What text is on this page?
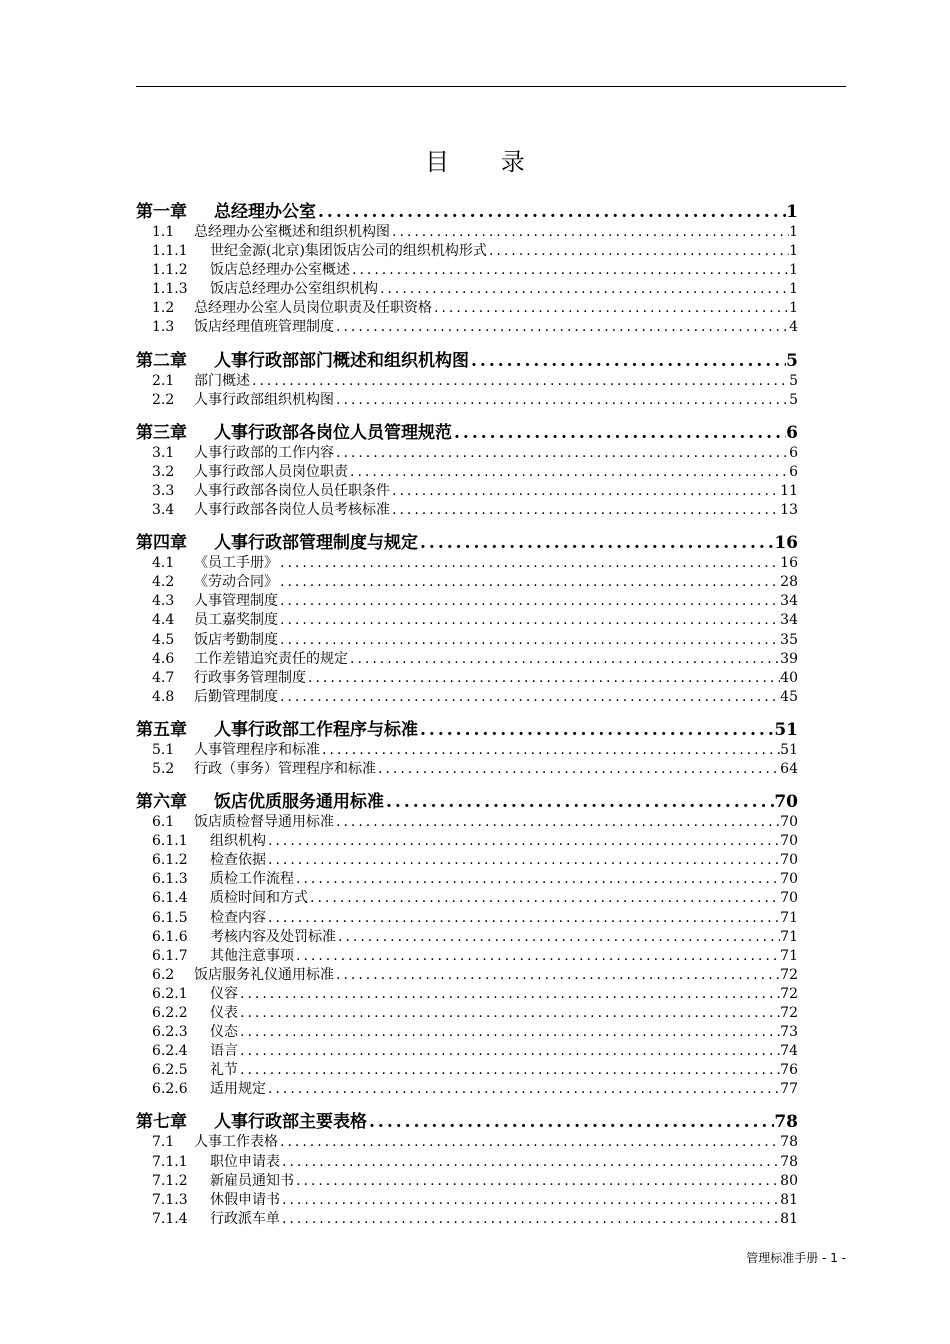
目 录
第一章	总经理办公室 .....	1
1.1	总经理办公室概述和组织机构图 .....	1
1.1.1	世纪金源(北京)集团饭店公司的组织机构形式 .....	1
1.1.2	饭店总经理办公室概述 .....	1
1.1.3	饭店总经理办公室组织机构 .....	1
1.2	总经理办公室人员岗位职责及任职资格 .....	1
1.3	饭店经理值班管理制度 .....	4
第二章	人事行政部部门概述和组织机构图 .....	5
2.1	部门概述 .....	5
2.2	人事行政部组织机构图 .....	5
第三章	人事行政部各岗位人员管理规范 .....	6
3.1	人事行政部的工作内容 .....	6
3.2	人事行政部人员岗位职责 .....	6
3.3	人事行政部各岗位人员任职条件 .....	11
3.4	人事行政部各岗位人员考核标准 .....	13
第四章	人事行政部管理制度与规定 .....	16
4.1	《员工手册》 .....	16
4.2	《劳动合同》 .....	28
4.3	人事管理制度 .....	34
4.4	员工嘉奖制度 .....	34
4.5	饭店考勤制度 .....	35
4.6	工作差错追究责任的规定 .....	39
4.7	行政事务管理制度 .....	40
4.8	后勤管理制度 .....	45
第五章	人事行政部工作程序与标准 .....	51
5.1	人事管理程序和标准 .....	51
5.2	行政（事务）管理程序和标准 .....	64
第六章	饭店优质服务通用标准 .....	70
6.1	饭店质检督导通用标准 .....	70
6.1.1	组织机构 .....	70
6.1.2	检查依据 .....	70
6.1.3	质检工作流程 .....	70
6.1.4	质检时间和方式 .....	70
6.1.5	检查内容 .....	71
6.1.6	考核内容及处罚标准 .....	71
6.1.7	其他注意事项 .....	71
6.2	饭店服务礼仪通用标准 .....	72
6.2.1	仪容 .....	72
6.2.2	仪表 .....	72
6.2.3	仪态 .....	73
6.2.4	语言 .....	74
6.2.5	礼节 .....	76
6.2.6	适用规定 .....	77
第七章	人事行政部主要表格 .....	78
7.1	人事工作表格 .....	78
7.1.1	职位申请表 .....	78
7.1.2	新雇员通知书 .....	80
7.1.3	休假申请书 .....	81
7.1.4	行政派车单 .....	81
管理标准手册 - 1 -
